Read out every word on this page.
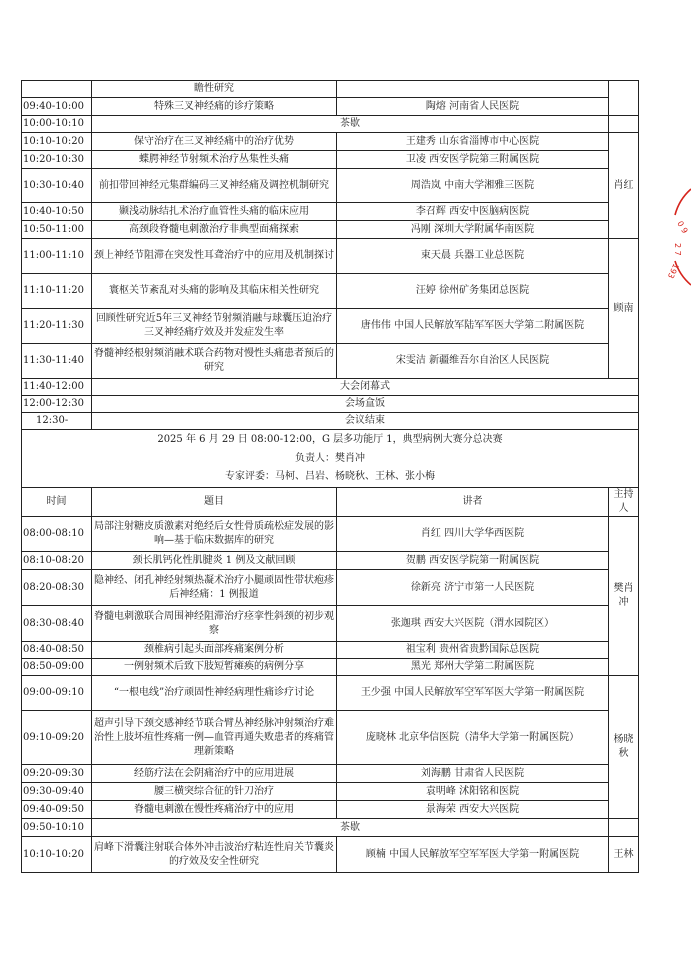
	瞻性研究		
09:40-10:00	特殊三叉神经痛的诊疗策略	陶熔 河南省人民医院	
10:00-10:10	茶歇		
10:10-10:20	保守治疗在三叉神经痛中的治疗优势	王建秀 山东省淄博市中心医院	肖红
10:20-10:30	蝶腭神经节射频术治疗丛集性头痛	卫凌 西安医学院第三附属医院	
10:30-10:40	前扣带回神经元集群编码三叉神经痛及调控机制研究	周浩岚 中南大学湘雅三医院	
10:40-10:50	颞浅动脉结扎术治疗血管性头痛的临床应用	李召辉 西安中医脑病医院	
10:50-11:00	高颈段脊髓电刺激治疗非典型面痛探索	冯刚 深圳大学附属华南医院	
11:00-11:10	颈上神经节阻滞在突发性耳聋治疗中的应用及机制探讨	束天晨 兵器工业总医院	顾南
11:10-11:20	寰枢关节紊乱对头痛的影响及其临床相关性研究	汪婷 徐州矿务集团总医院	
11:20-11:30	回顾性研究近5年三叉神经节射频消融与球囊压迫治疗三叉神经痛疗效及并发症发生率	唐伟伟 中国人民解放军陆军军医大学第二附属医院	
11:30-11:40	脊髓神经根射频消融术联合药物对慢性头痛患者预后的研究	宋雯洁 新疆维吾尔自治区人民医院	
11:40-12:00	大会闭幕式		
12:00-12:30	会场盒饭		
12:30-	会议结束		
2025 年 6 月 29 日 08:00-12:00，G 层多功能厅 1，典型病例大赛分总决赛			
负责人：樊肖冲			
专家评委：马柯、吕岩、杨晓秋、王林、张小梅			
时间	题目	讲者	主持人
08:00-08:10	局部注射糖皮质激素对绝经后女性骨质疏松症发展的影响—基于临床数据库的研究	肖红 四川大学华西医院	樊肖冲
08:10-08:20	颈长肌钙化性肌腱炎 1 例及文献回顾	贺鹏 西安医学院第一附属医院	
08:20-08:30	隐神经、闭孔神经射频热凝术治疗小腿顽固性带状疱疹后神经痛：1 例报道	徐新亮 济宁市第一人民医院	
08:30-08:40	脊髓电刺激联合周围神经阻滞治疗痉挛性斜颈的初步观察	张迦琪 西安大兴医院（渭水园院区）	
08:40-08:50	颈椎病引起头面部疼痛案例分析	祖宝利 贵州省贵黔国际总医院	
08:50-09:00	一例射频术后致下肢短暂瘫痪的病例分享	黑光 郑州大学第二附属医院	
09:00-09:10	“一根电线”治疗顽固性神经病理性痛诊疗讨论	王少强 中国人民解放军空军军医大学第一附属医院	杨晓秋
09:10-09:20	超声引导下颈交感神经节联合臂丛神经脉冲射频治疗难治性上肢坏疽性疼痛一例—血管再通失败患者的疼痛管理新策略	庞晓林 北京华信医院（清华大学第一附属医院）	
09:20-09:30	经筋疗法在会阴痛治疗中的应用进展	刘海鹏 甘肃省人民医院	
09:30-09:40	腰三横突综合征的针刀治疗	袁明峰 沭阳铭和医院	
09:40-09:50	脊髓电刺激在慢性疼痛治疗中的应用	景海荣 西安大兴医院	
09:50-10:10	茶歇		
10:10-10:20	肩峰下滑囊注射联合体外冲击波治疗粘连性肩关节囊炎的疗效及安全性研究	顾楠 中国人民解放军空军军医大学第一附属医院	王林
0 9
2 7
193
